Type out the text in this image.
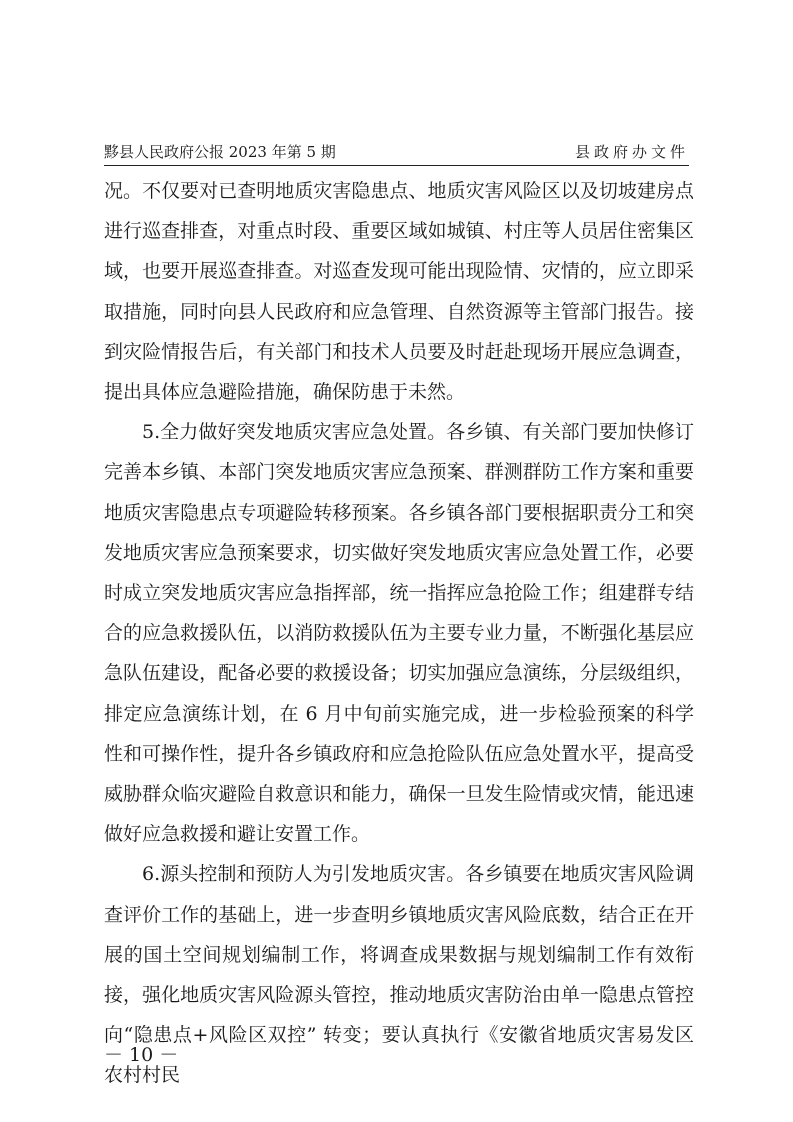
黟县人民政府公报 2023 年第 5 期	县政府办文件

况。不仅要对已查明地质灾害隐患点、地质灾害风险区以及切坡建房点进行巡查排查，对重点时段、重要区域如城镇、村庄等人员居住密集区域，也要开展巡查排查。对巡查发现可能出现险情、灾情的，应立即采取措施，同时向县人民政府和应急管理、自然资源等主管部门报告。接到灾险情报告后，有关部门和技术人员要及时赶赴现场开展应急调查，提出具体应急避险措施，确保防患于未然。

5.全力做好突发地质灾害应急处置。各乡镇、有关部门要加快修订完善本乡镇、本部门突发地质灾害应急预案、群测群防工作方案和重要地质灾害隐患点专项避险转移预案。各乡镇各部门要根据职责分工和突发地质灾害应急预案要求，切实做好突发地质灾害应急处置工作，必要时成立突发地质灾害应急指挥部，统一指挥应急抢险工作；组建群专结合的应急救援队伍，以消防救援队伍为主要专业力量，不断强化基层应急队伍建设，配备必要的救援设备；切实加强应急演练，分层级组织，排定应急演练计划，在 6 月中旬前实施完成，进一步检验预案的科学性和可操作性，提升各乡镇政府和应急抢险队伍应急处置水平，提高受威胁群众临灾避险自救意识和能力，确保一旦发生险情或灾情，能迅速做好应急救援和避让安置工作。

6.源头控制和预防人为引发地质灾害。各乡镇要在地质灾害风险调查评价工作的基础上，进一步查明乡镇地质灾害风险底数，结合正在开展的国土空间规划编制工作，将调查成果数据与规划编制工作有效衔接，强化地质灾害风险源头管控，推动地质灾害防治由单一隐患点管控向“隐患点+风险区双控” 转变；要认真执行《安徽省地质灾害易发区农村村民

－ 10 －
